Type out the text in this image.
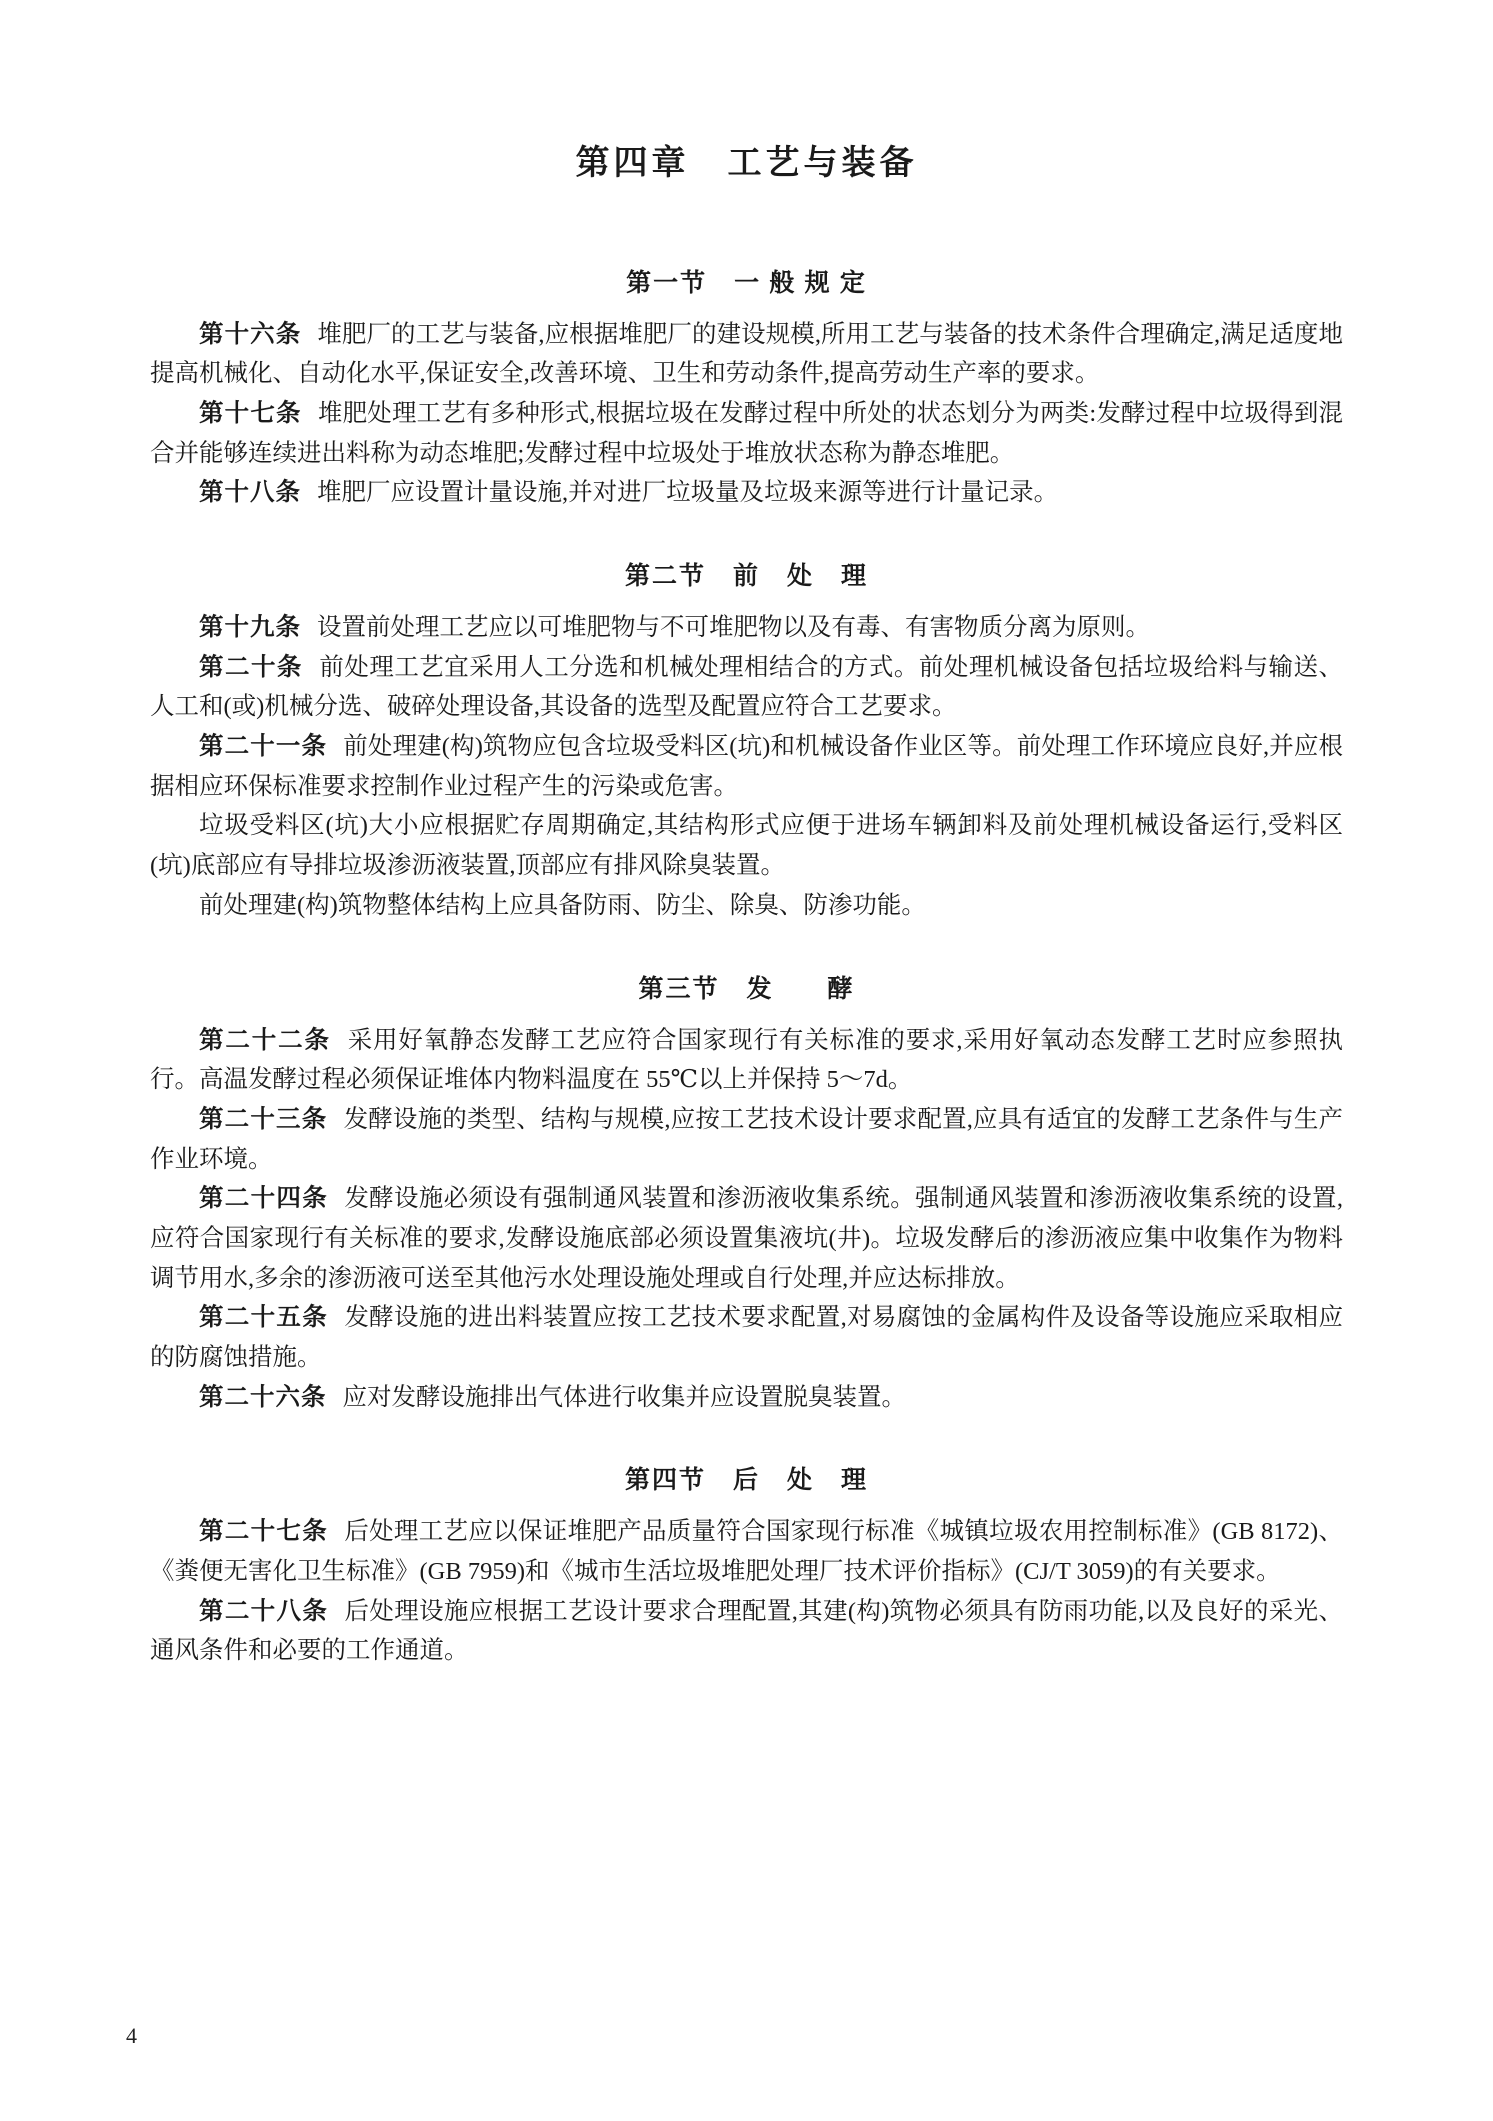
第四章　工艺与装备
第一节　一 般 规 定

第十六条 堆肥厂的工艺与装备,应根据堆肥厂的建设规模,所用工艺与装备的技术条件合理确定,满足适度地提高机械化、自动化水平,保证安全,改善环境、卫生和劳动条件,提高劳动生产率的要求。

第十七条 堆肥处理工艺有多种形式,根据垃圾在发酵过程中所处的状态划分为两类:发酵过程中垃圾得到混合并能够连续进出料称为动态堆肥;发酵过程中垃圾处于堆放状态称为静态堆肥。

第十八条 堆肥厂应设置计量设施,并对进厂垃圾量及垃圾来源等进行计量记录。

第二节　前　处　理

第十九条 设置前处理工艺应以可堆肥物与不可堆肥物以及有毒、有害物质分离为原则。

第二十条 前处理工艺宜采用人工分选和机械处理相结合的方式。前处理机械设备包括垃圾给料与输送、人工和(或)机械分选、破碎处理设备,其设备的选型及配置应符合工艺要求。

第二十一条 前处理建(构)筑物应包含垃圾受料区(坑)和机械设备作业区等。前处理工作环境应良好,并应根据相应环保标准要求控制作业过程产生的污染或危害。

垃圾受料区(坑)大小应根据贮存周期确定,其结构形式应便于进场车辆卸料及前处理机械设备运行,受料区(坑)底部应有导排垃圾渗沥液装置,顶部应有排风除臭装置。

前处理建(构)筑物整体结构上应具备防雨、防尘、除臭、防渗功能。

第三节　发　　酵

第二十二条 采用好氧静态发酵工艺应符合国家现行有关标准的要求,采用好氧动态发酵工艺时应参照执行。高温发酵过程必须保证堆体内物料温度在 55℃以上并保持 5～7d。

第二十三条 发酵设施的类型、结构与规模,应按工艺技术设计要求配置,应具有适宜的发酵工艺条件与生产作业环境。

第二十四条 发酵设施必须设有强制通风装置和渗沥液收集系统。强制通风装置和渗沥液收集系统的设置,应符合国家现行有关标准的要求,发酵设施底部必须设置集液坑(井)。垃圾发酵后的渗沥液应集中收集作为物料调节用水,多余的渗沥液可送至其他污水处理设施处理或自行处理,并应达标排放。

第二十五条 发酵设施的进出料装置应按工艺技术要求配置,对易腐蚀的金属构件及设备等设施应采取相应的防腐蚀措施。

第二十六条 应对发酵设施排出气体进行收集并应设置脱臭装置。

第四节　后　处　理

第二十七条 后处理工艺应以保证堆肥产品质量符合国家现行标准《城镇垃圾农用控制标准》(GB 8172)、《粪便无害化卫生标准》(GB 7959)和《城市生活垃圾堆肥处理厂技术评价指标》(CJ/T 3059)的有关要求。

第二十八条 后处理设施应根据工艺设计要求合理配置,其建(构)筑物必须具有防雨功能,以及良好的采光、通风条件和必要的工作通道。

4
